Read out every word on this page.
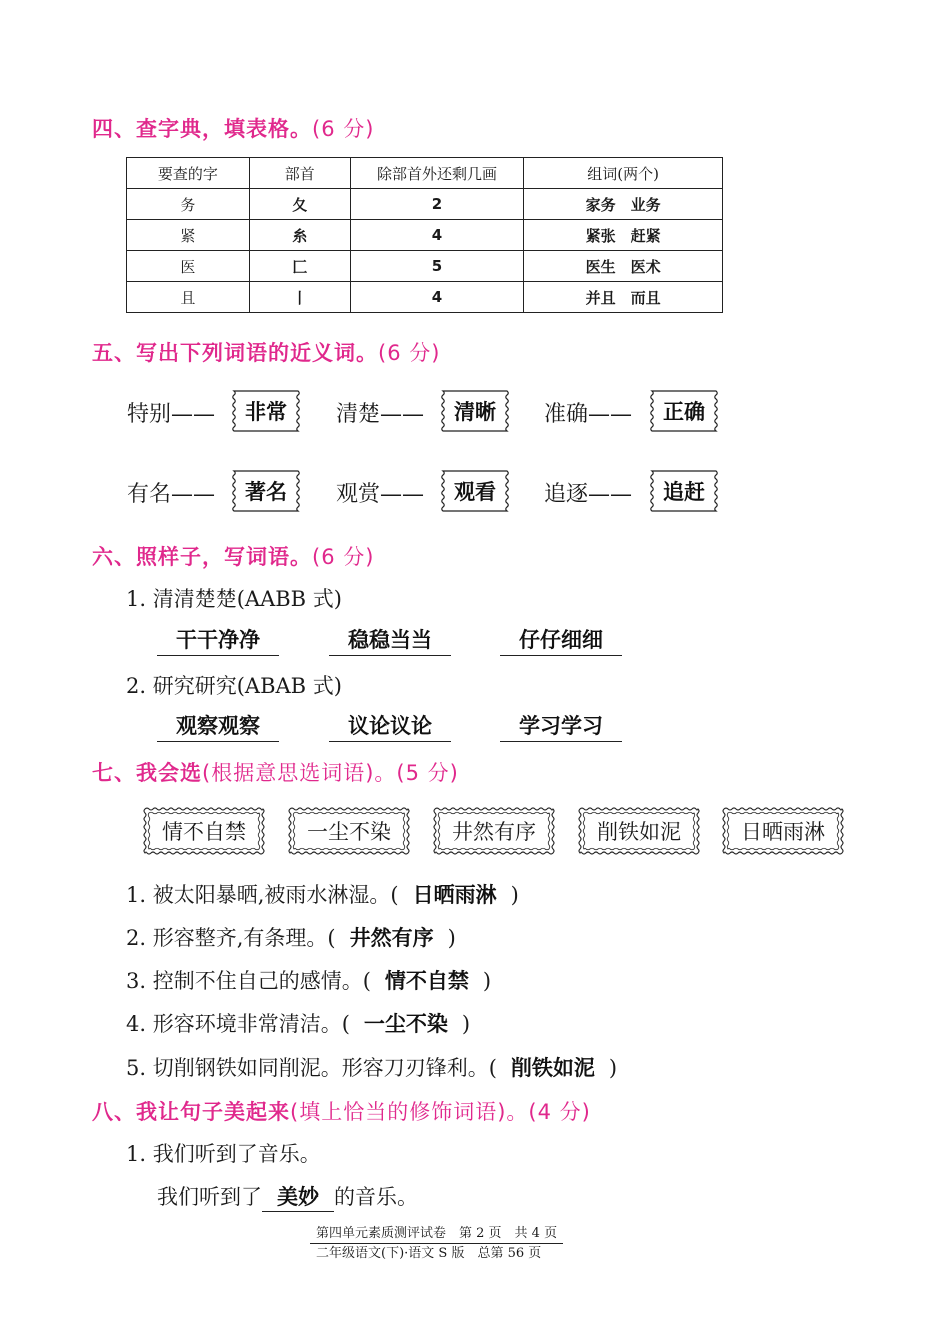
四、查字典，填表格。(6 分)
要查的字	部首	除部首外还剩几画	组词(两个)
务	夂	2	家务　业务
紧	糸	4	紧张　赶紧
医	匚	5	医生　医术
且	丨	4	并且　而且
五、写出下列词语的近义词。(6 分)
特别—— 非常 清楚—— 清晰 准确—— 正确
有名—— 著名 观赏—— 观看 追逐—— 追赶
六、照样子，写词语。(6 分)
1. 清清楚楚(AABB 式)
干干净净	稳稳当当	仔仔细细
2. 研究研究(ABAB 式)
观察观察	议论议论	学习学习
七、我会选(根据意思选词语)。(5 分)
情不自禁	一尘不染	井然有序	削铁如泥	日晒雨淋
1. 被太阳暴晒,被雨水淋湿。( 日晒雨淋 )
2. 形容整齐,有条理。( 井然有序 )
3. 控制不住自己的感情。( 情不自禁 )
4. 形容环境非常清洁。( 一尘不染 )
5. 切削钢铁如同削泥。形容刀刃锋利。( 削铁如泥 )
八、我让句子美起来(填上恰当的修饰词语)。(4 分)
1. 我们听到了音乐。
我们听到了 美妙 的音乐。
第四单元素质测评试卷　第 2 页　共 4 页
二年级语文(下)·语文 S 版　总第 56 页
